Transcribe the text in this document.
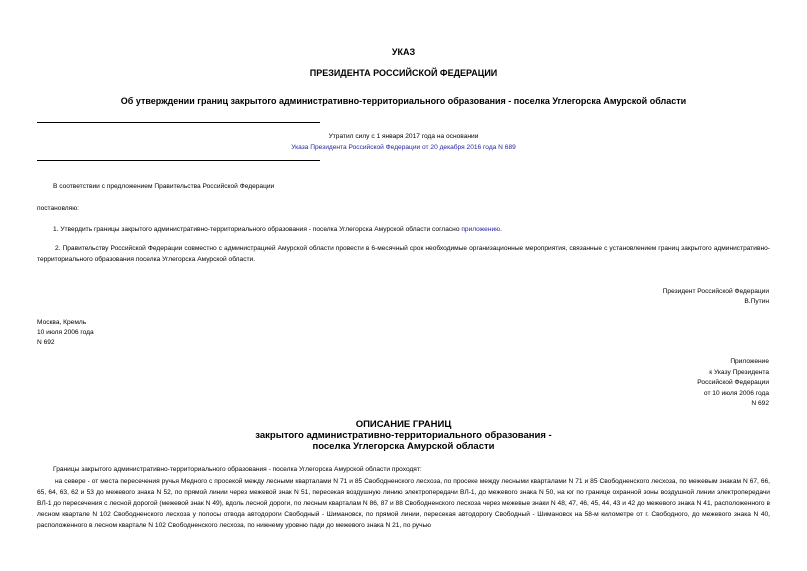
УКАЗ
ПРЕЗИДЕНТА РОССИЙСКОЙ ФЕДЕРАЦИИ
Об утверждении границ закрытого административно-территориального образования - поселка Углегорска Амурской области
Утратил силу с 1 января 2017 года на основании
Указа Президента Российской Федерации от 20 декабря 2016 года N 689
В соответствии с предложением Правительства Российской Федерации
постановляю:
1. Утвердить границы закрытого административно-территориального образования - поселка Углегорска Амурской области согласно приложению.
2. Правительству Российской Федерации совместно с администрацией Амурской области провести в 6-месячный срок необходимые организационные мероприятия, связанные с установлением границ закрытого административно-территориального образования поселка Углегорска Амурской области.
Президент Российской Федерации
В.Путин
Москва, Кремль
10 июля 2006 года
N 692
Приложение
к Указу Президента
Российской Федерации
от 10 июля 2006 года
N 692
ОПИСАНИЕ ГРАНИЦ
закрытого административно-территориального образования -
поселка Углегорска Амурской области
Границы закрытого административно-территориального образования - поселка Углегорска Амурской области проходят:
на севере - от места пересечения ручья Медного с просекой между лесными кварталами N 71 и 85 Свободненского лесхоза, по просеке между лесными кварталами N 71 и 85 Свободненского лесхоза, по межевым знакам N 67, 66, 65, 64, 63, 62 и 53 до межевого знака N 52, по прямой линии через межевой знак N 51, пересекая воздушную линию электропередачи ВЛ-1, до межевого знака N 50, на юг по границе охранной зоны воздушной линии электропередачи ВЛ-1 до пересечения с лесной дорогой (межевой знак N 49), вдоль лесной дороги, по лесным кварталам N 86, 87 и 88 Свободненского лесхоза через межевые знаки N 48, 47, 46, 45, 44, 43 и 42 до межевого знака N 41, расположенного в лесном квартале N 102 Свободненского лесхоза у полосы отвода автодороги Свободный - Шимановск, по прямой линии, пересекая автодорогу Свободный - Шимановск на 58-м километре от г. Свободного, до межевого знака N 40, расположенного в лесном квартале N 102 Свободненского лесхоза, по нижнему уровню пади до межевого знака N 21, по ручью
